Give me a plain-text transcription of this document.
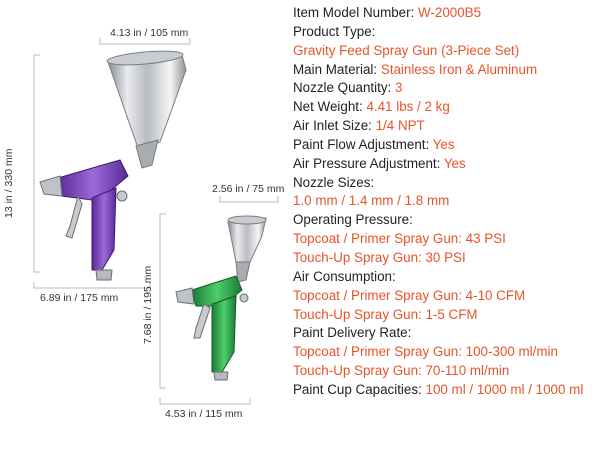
4.13 in / 105 mm
13 in / 330 mm
6.89 in / 175 mm
2.56 in / 75 mm
7.68 in / 195 mm
4.53 in / 115 mm
Item Model Number: W-2000B5
Product Type:
Gravity Feed Spray Gun (3-Piece Set)
Main Material: Stainless Iron & Aluminum
Nozzle Quantity: 3
Net Weight: 4.41 lbs / 2 kg
Air Inlet Size: 1/4 NPT
Paint Flow Adjustment: Yes
Air Pressure Adjustment: Yes
Nozzle Sizes:
1.0 mm / 1.4 mm / 1.8 mm
Operating Pressure:
Topcoat / Primer Spray Gun: 43 PSI
Touch-Up Spray Gun: 30 PSI
Air Consumption:
Topcoat / Primer Spray Gun: 4-10 CFM
Touch-Up Spray Gun: 1-5 CFM
Paint Delivery Rate:
Topcoat / Primer Spray Gun: 100-300 ml/min
Touch-Up Spray Gun: 70-110 ml/min
Paint Cup Capacities: 100 ml / 1000 ml / 1000 ml
